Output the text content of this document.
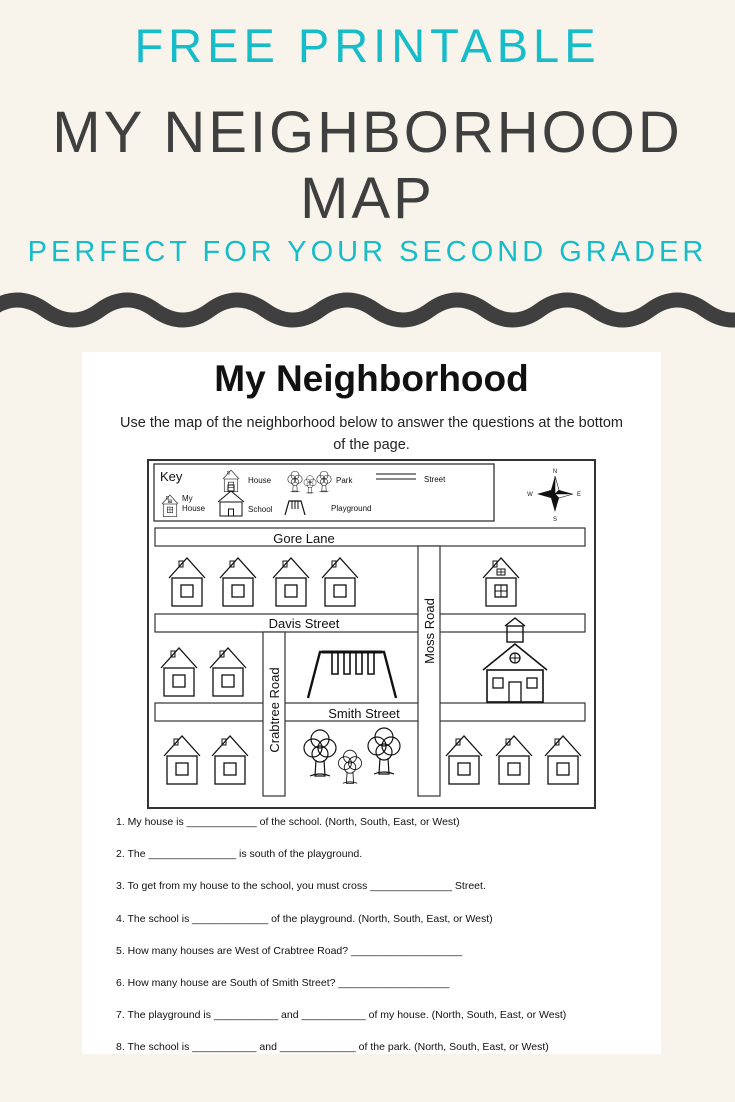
FREE PRINTABLE
MY NEIGHBORHOOD
MAP
PERFECT FOR YOUR SECOND GRADER
My Neighborhood
Use the map of the neighborhood below to answer the questions at the bottom of the page.
Key	House	Park	Street
My
House	School	Playground
N
S
E
W
Gore Lane
Davis Street
Smith Street
Moss Road
Crabtree Road
1. My house is ____________ of the school. (North, South, East, or West)
2. The _______________ is south of the playground.
3. To get from my house to the school, you must cross ______________ Street.
4. The school is _____________ of the playground. (North, South, East, or West)
5. How many houses are West of Crabtree Road? ___________________
6. How many house are South of Smith Street? ___________________
7. The playground is ___________ and ___________ of my house. (North, South, East, or West)
8. The school is ___________ and _____________ of the park. (North, South, East, or West)
